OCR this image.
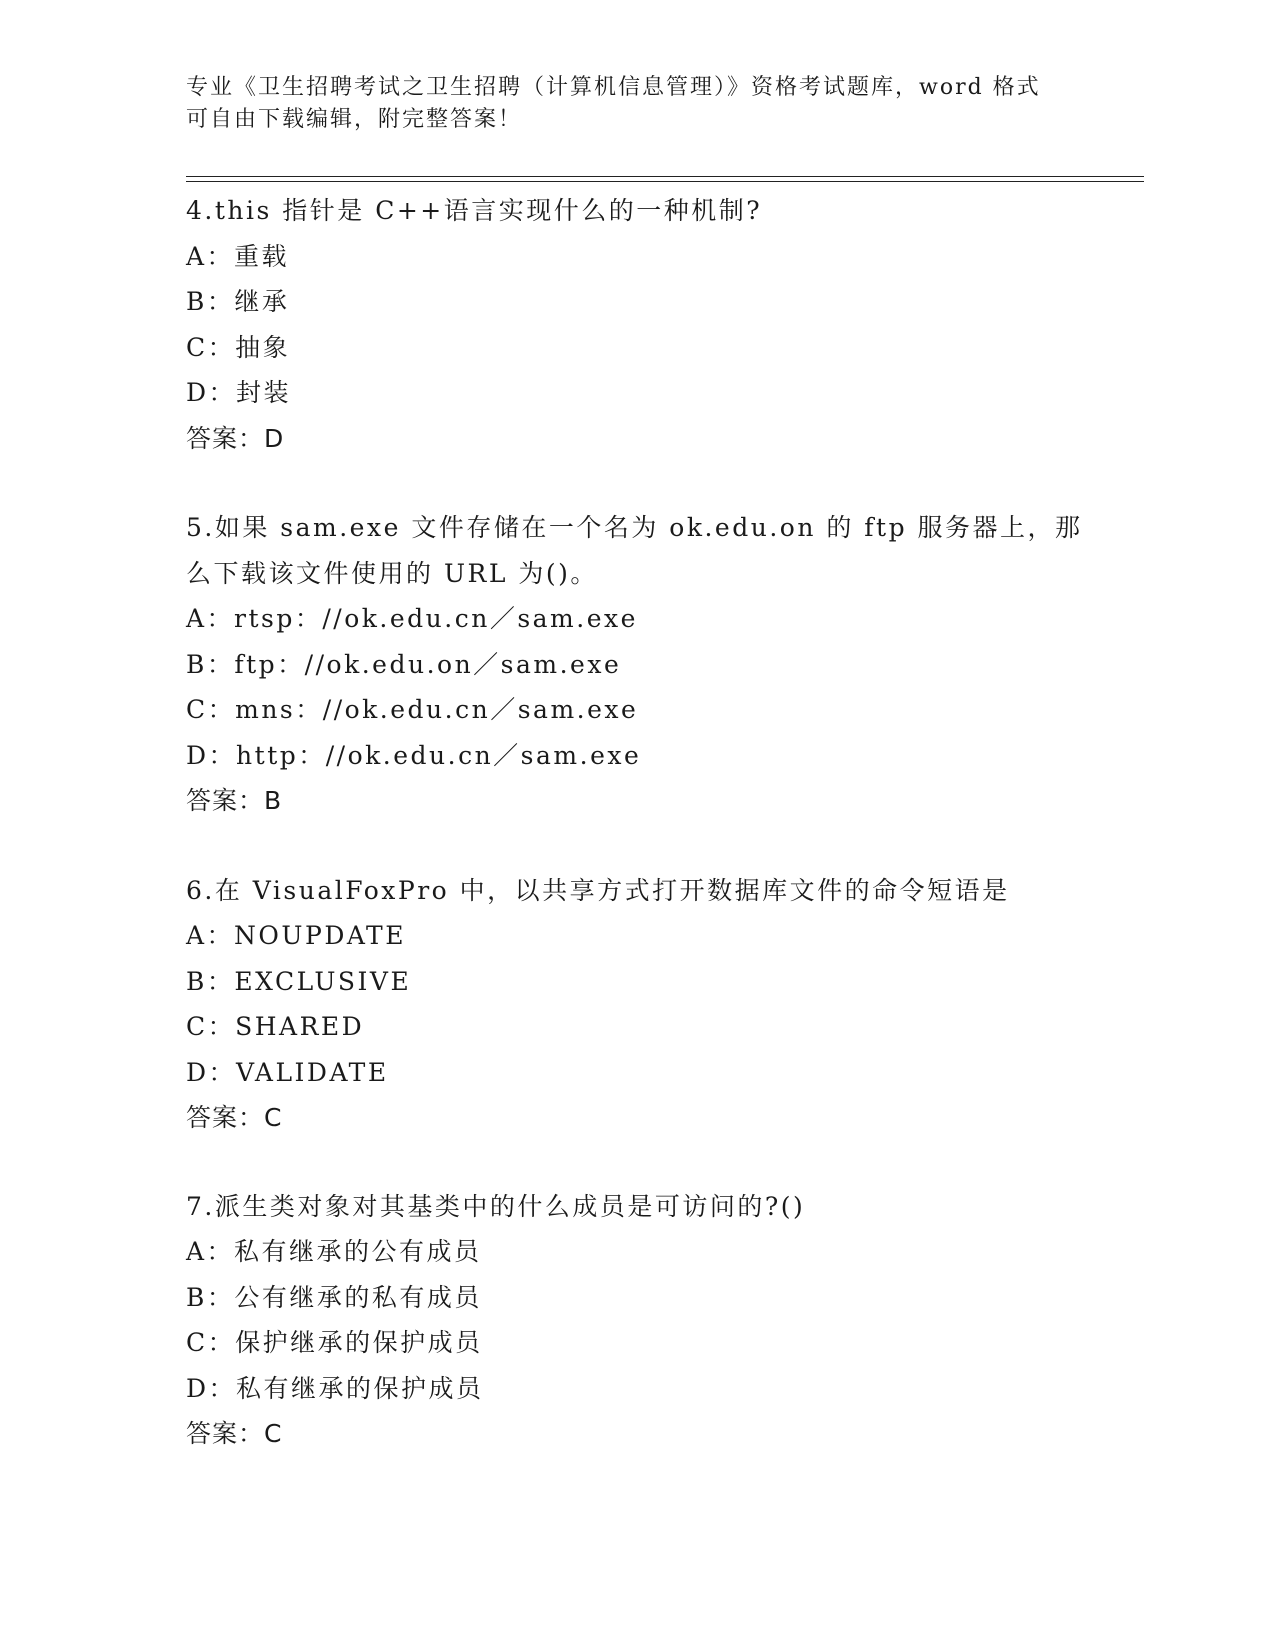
专业《卫生招聘考试之卫生招聘（计算机信息管理）》资格考试题库，word 格式
可自由下载编辑，附完整答案！
4.this 指针是 C++语言实现什么的一种机制?
A：重载
B：继承
C：抽象
D：封装
答案：D
5.如果 sam.exe 文件存储在一个名为 ok.edu.on 的 ftp 服务器上，那
么下载该文件使用的 URL 为()。
A：rtsp：//ok.edu.cn／sam.exe
B：ftp：//ok.edu.on／sam.exe
C：mns：//ok.edu.cn／sam.exe
D：http：//ok.edu.cn／sam.exe
答案：B
6.在 VisualFoxPro 中，以共享方式打开数据库文件的命令短语是
A：NOUPDATE
B：EXCLUSIVE
C：SHARED
D：VALIDATE
答案：C
7.派生类对象对其基类中的什么成员是可访问的?()
A：私有继承的公有成员
B：公有继承的私有成员
C：保护继承的保护成员
D：私有继承的保护成员
答案：C
